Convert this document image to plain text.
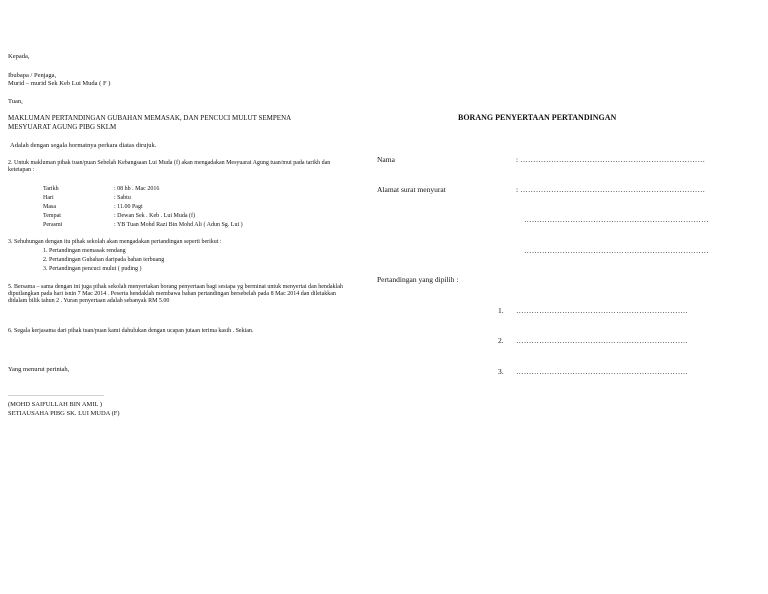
Kepada,
Ibubapa / Penjaga,
Murid – murid Sek Keb Lui Muda ( F )
Tuan,
MAKLUMAN PERTANDINGAN GUBAHAN MEMASAK, DAN PENCUCI MULUT SEMPENA
MESYUARAT AGUNG PIBG SKLM
Adalah dengan segala hormatnya perkara diatas dirujuk.
2. Untuk makluman pihak tuan/puan Sebelah Kebangsaan Lui Muda (f) akan mengadakan Mesyuarat Agung tuan/mut pada tarikh dan ketetapan :
Tarikh	: 08 hb . Mac 2016
Hari	: Sabtu
Masa	: 11.00 Pagi
Tempat	: Dewan Sek . Keb . Lui Muda (f)
Perasmi	: YB Tuan Mohd Razi Bin Mohd Ali ( Adun Sg. Lui )
3. Sehubungan dengan itu pihak sekolah akan mengadakan pertandingan seperti berikut :
1. Pertandingan memasak rendang
2. Pertandingan Gubahan daripada bahan terbuang
3. Pertandingan pencuci mulut ( puding )
5. Bersama – sama dengan ini juga pihak sekolah menyertakan borang penyertaan bagi sesiapa yg berminat untuk menyertai dan hendaklah diputlangkan pada hari isnin 7 Mac 2014 . Peserta hendaklah membawa bahan pertandingan bersebelah pada 8 Mac 2014 dan diletakkan didalam bilik tahun 2 . Yuran penyertaan adalah sebanyak RM 5.00
6. Segala kerjasama dari pihak tuan/puan kami dahulukan dengan ucapan jutaan terima kasih . Sekian.
Yang menurut perintah,
…………………………………………
(MOHD SAIFULLAH BIN AMIL )
SETIAUSAHA PIBG SK. LUI MUDA (F)
BORANG PENYERTAAN PERTANDINGAN
Nama	: ………………………………………………………………
Alamat surat menyurat	: ………………………………………………………………
………………………………………………………………
………………………………………………………………
Pertandingan yang dipilih :
1. ………………………………………………………….
2. ………………………………………………………….
3. ………………………………………………………….
